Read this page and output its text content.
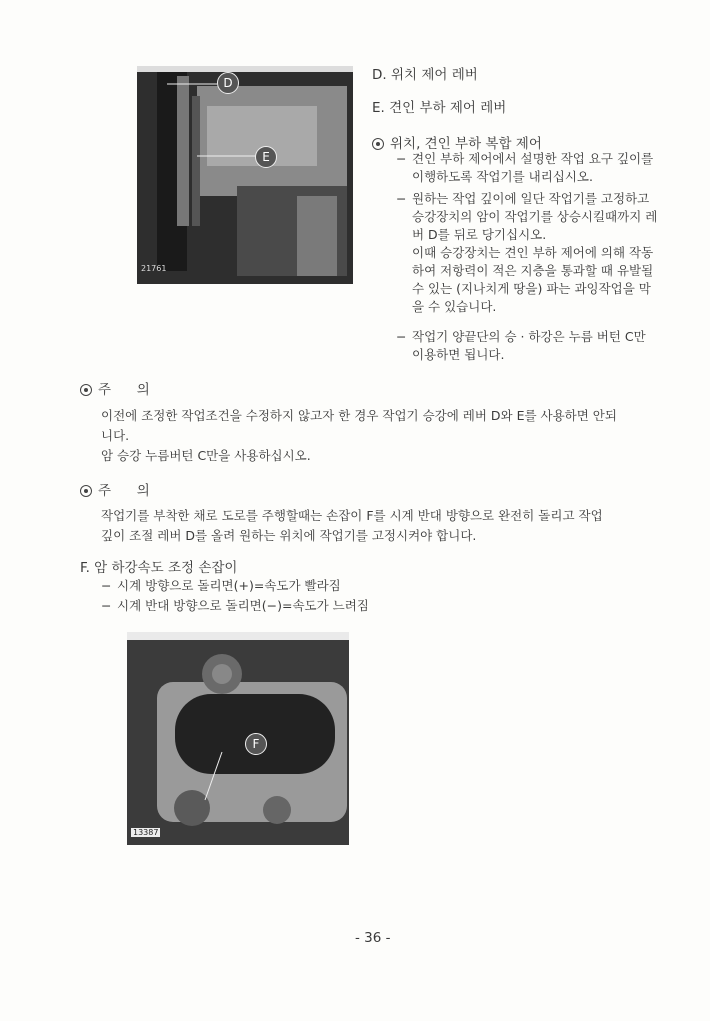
D
E
21761
D. 위치 제어 레버
E. 견인 부하 제어 레버
위치, 견인 부하 복합 제어
− 견인 부하 제어에서 설명한 작업 요구 깊이를
이행하도록 작업기를 내리십시오.
− 원하는 작업 깊이에 일단 작업기를 고정하고
승강장치의 암이 작업기를 상승시킬때까지 레
버 D를 뒤로 당기십시오.
이때 승강장치는 견인 부하 제어에 의해 작동
하여 저항력이 적은 지층을 통과할 때 유발될
수 있는 (지나치게 땅을) 파는 과잉작업을 막
을 수 있습니다.
− 작업기 양끝단의 승 · 하강은 누름 버턴 C만
이용하면 됩니다.
주      의
이전에 조정한 작업조건을 수정하지 않고자 한 경우 작업기 승강에 레버 D와 E를 사용하면 안되
니다.
암 승강 누름버턴 C만을 사용하십시오.
주      의
작업기를 부착한 채로 도로를 주행할때는 손잡이 F를 시계 반대 방향으로 완전히 돌리고 작업
깊이 조절 레버 D를 올려 원하는 위치에 작업기를 고정시켜야 합니다.
F. 암 하강속도 조정 손잡이
− 시계 방향으로 돌리면(+)=속도가 빨라짐
− 시계 반대 방향으로 돌리면(−)=속도가 느려짐
F
13387
- 36 -
